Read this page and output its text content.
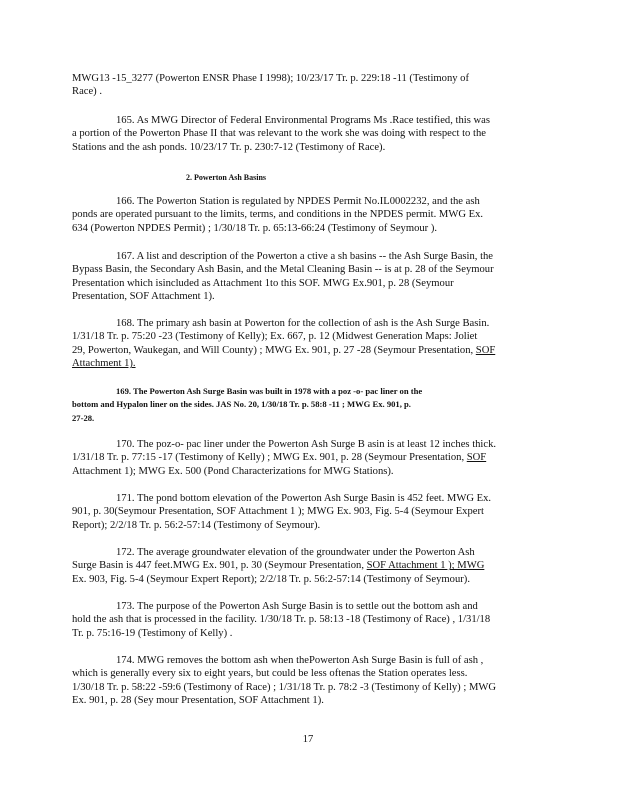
MWG13 -15_3277 (Powerton ENSR Phase I 1998); 10/23/17 Tr. p. 229:18 -11 (Testimony of
Race) .

165. As MWG Director of Federal Environmental Programs Ms .Race testified, this was
a portion of the Powerton Phase II that was relevant to the work she was doing with respect to the
Stations and the ash ponds. 10/23/17 Tr. p. 230:7-12 (Testimony of Race).

2. Powerton Ash Basins

166. The Powerton Station is regulated by NPDES Permit No.IL0002232, and the ash
ponds are operated pursuant to the limits, terms, and conditions in the NPDES permit. MWG Ex.
634 (Powerton NPDES Permit) ; 1/30/18 Tr. p. 65:13-66:24 (Testimony of Seymour ).

167. A list and description of the Powerton a ctive a sh basins -- the Ash Surge Basin, the
Bypass Basin, the Secondary Ash Basin, and the Metal Cleaning Basin -- is at p. 28 of the Seymour
Presentation which isincluded as Attachment 1to this SOF. MWG Ex.901, p. 28 (Seymour
Presentation, SOF Attachment 1).

168. The primary ash basin at Powerton for the collection of ash is the Ash Surge Basin.
1/31/18 Tr. p. 75:20 -23 (Testimony of Kelly); Ex. 667, p. 12 (Midwest Generation Maps: Joliet
29, Powerton, Waukegan, and Will County) ; MWG Ex. 901, p. 27 -28 (Seymour Presentation, SOF
Attachment 1).

169. The Powerton Ash Surge Basin was built in 1978 with a poz -o- pac liner on the
bottom and Hypalon liner on the sides. JAS No. 20, 1/30/18 Tr. p. 58:8 -11 ; MWG Ex. 901, p.
27-28.

170. The poz-o- pac liner under the Powerton Ash Surge B asin is at least 12 inches thick.
1/31/18 Tr. p. 77:15 -17 (Testimony of Kelly) ; MWG Ex. 901, p. 28 (Seymour Presentation, SOF
Attachment 1); MWG Ex. 500 (Pond Characterizations for MWG Stations).

171. The pond bottom elevation of the Powerton Ash Surge Basin is 452 feet. MWG Ex.
901, p. 30(Seymour Presentation, SOF Attachment 1 ); MWG Ex. 903, Fig. 5-4 (Seymour Expert
Report); 2/2/18 Tr. p. 56:2-57:14 (Testimony of Seymour).

172. The average groundwater elevation of the groundwater under the Powerton Ash
Surge Basin is 447 feet.MWG Ex. 901, p. 30 (Seymour Presentation, SOF Attachment 1 ); MWG
Ex. 903, Fig. 5-4 (Seymour Expert Report); 2/2/18 Tr. p. 56:2-57:14 (Testimony of Seymour).

173. The purpose of the Powerton Ash Surge Basin is to settle out the bottom ash and
hold the ash that is processed in the facility. 1/30/18 Tr. p. 58:13 -18 (Testimony of Race) , 1/31/18
Tr. p. 75:16-19 (Testimony of Kelly) .

174. MWG removes the bottom ash when thePowerton Ash Surge Basin is full of ash ,
which is generally every six to eight years, but could be less oftenas the Station operates less.
1/30/18 Tr. p. 58:22 -59:6 (Testimony of Race) ; 1/31/18 Tr. p. 78:2 -3 (Testimony of Kelly) ; MWG
Ex. 901, p. 28 (Sey mour Presentation, SOF Attachment 1).

17
